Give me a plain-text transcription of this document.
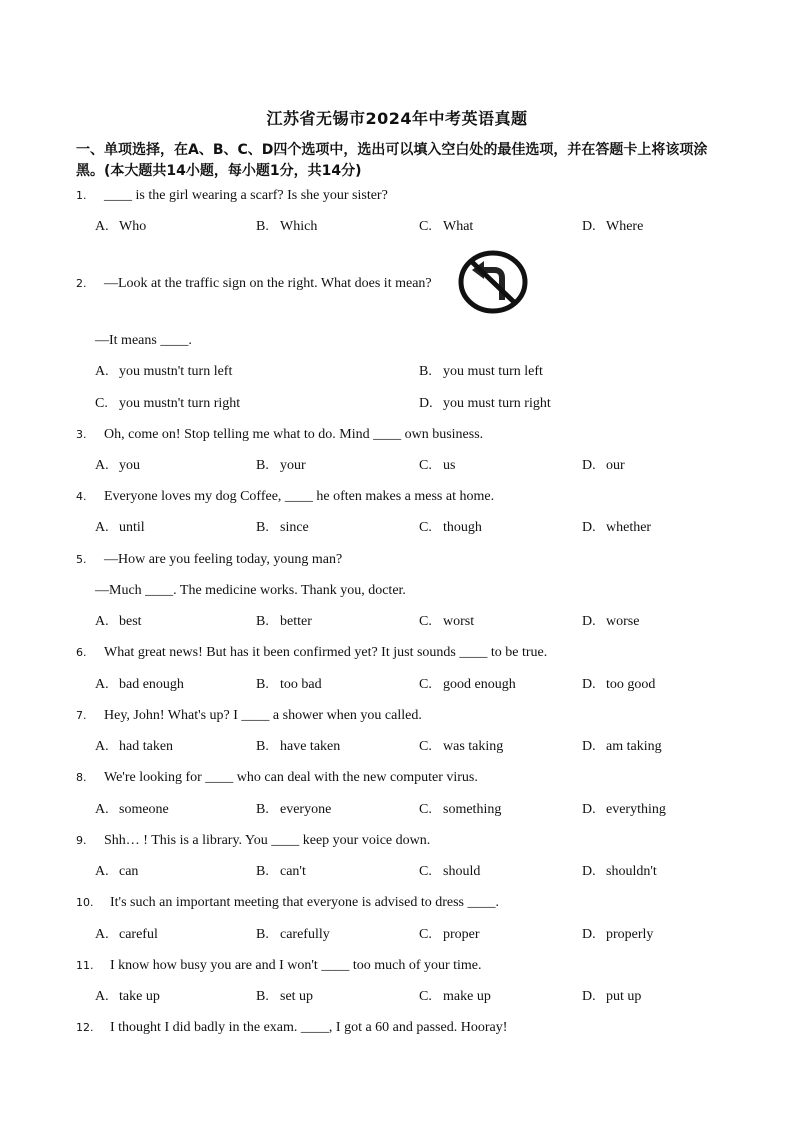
江苏省无锡市2024年中考英语真题
一、单项选择，在A、B、C、D四个选项中，选出可以填入空白处的最佳选项，并在答题卡上将该项涂黑。(本大题共14小题，每小题1分，共14分)
1. ____ is the girl wearing a scarf? Is she your sister?
A. Who	B. Which	C. What	D. Where
2. —Look at the traffic sign on the right. What does it mean?
—It means ____.
A. you mustn't turn left	B. you must turn left
C. you mustn't turn right	D. you must turn right
3. Oh, come on! Stop telling me what to do. Mind ____ own business.
A. you	B. your	C. us	D. our
4. Everyone loves my dog Coffee, ____ he often makes a mess at home.
A. until	B. since	C. though	D. whether
5. —How are you feeling today, young man?
—Much ____. The medicine works. Thank you, docter.
A. best	B. better	C. worst	D. worse
6. What great news! But has it been confirmed yet? It just sounds ____ to be true.
A. bad enough	B. too bad	C. good enough	D. too good
7. Hey, John! What's up? I ____ a shower when you called.
A. had taken	B. have taken	C. was taking	D. am taking
8. We're looking for ____ who can deal with the new computer virus.
A. someone	B. everyone	C. something	D. everything
9. Shh… ! This is a library. You ____ keep your voice down.
A. can	B. can't	C. should	D. shouldn't
10. It's such an important meeting that everyone is advised to dress ____.
A. careful	B. carefully	C. proper	D. properly
11. I know how busy you are and I won't ____ too much of your time.
A. take up	B. set up	C. make up	D. put up
12. I thought I did badly in the exam. ____, I got a 60 and passed. Hooray!
